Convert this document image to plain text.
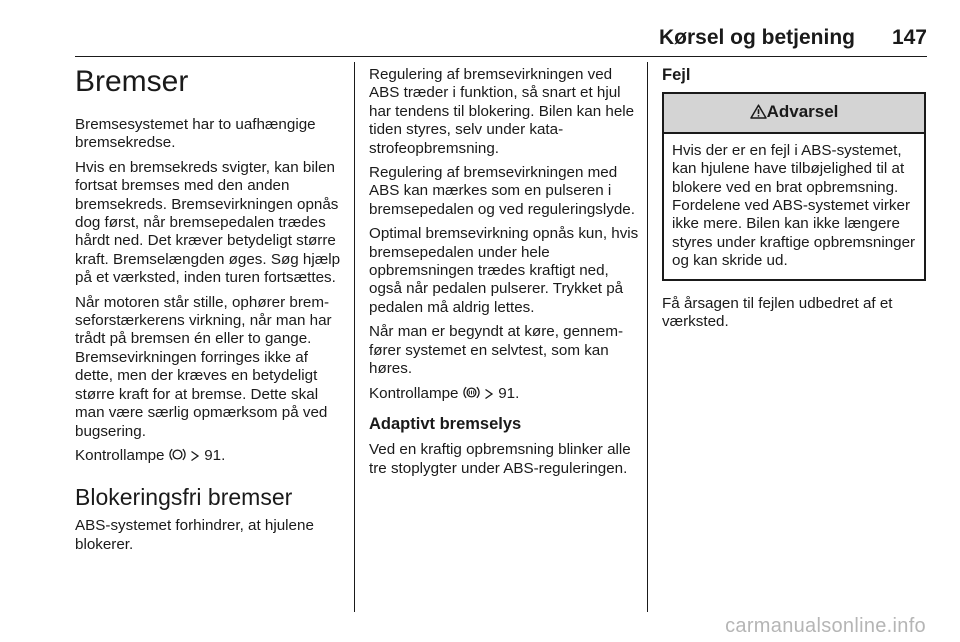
Kørsel og betjening 147
Bremser

Bremsesystemet har to uafhængige bremsekredse.

Hvis en bremsekreds svigter, kan bilen fortsat bremses med den anden bremsekreds. Bremsevirkningen opnås dog først, når bremsepedalen trædes hårdt ned. Det kræver betydeligt større kraft. Bremselængden øges. Søg hjælp på et værksted, inden turen fortsættes.

Når motoren står stille, ophører bremseforstærkerens virkning, når man har trådt på bremsen én eller to gange. Bremsevirkningen forringes ikke af dette, men der kræves en betydeligt større kraft for at bremse. Dette skal man være særlig opmærksom på ved bugsering.

Kontrollampe	91.

Blokeringsfri bremser

ABS-systemet forhindrer, at hjulene blokerer.

Regulering af bremsevirkningen ved ABS træder i funktion, så snart et hjul har tendens til blokering. Bilen kan hele tiden styres, selv under katastrofeopbremsning.

Regulering af bremsevirkningen med ABS kan mærkes som en pulseren i bremsepedalen og ved reguleringslyde.

Optimal bremsevirkning opnås kun, hvis bremsepedalen under hele opbremsningen trædes kraftigt ned, også når pedalen pulserer. Trykket på pedalen må aldrig lettes.

Når man er begyndt at køre, gennemfører systemet en selvtest, som kan høres.

Kontrollampe	91.

Adaptivt bremselys

Ved en kraftig opbremsning blinker alle tre stoplygter under ABS-reguleringen.

Fejl
Advarsel
Hvis der er en fejl i ABS-systemet, kan hjulene have tilbøjelighed til at blokere ved en brat opbremsning. Fordelene ved ABS-systemet virker ikke mere. Bilen kan ikke længere styres under kraftige opbremsninger og kan skride ud.

Få årsagen til fejlen udbedret af et værksted.

carmanualsonline.info
